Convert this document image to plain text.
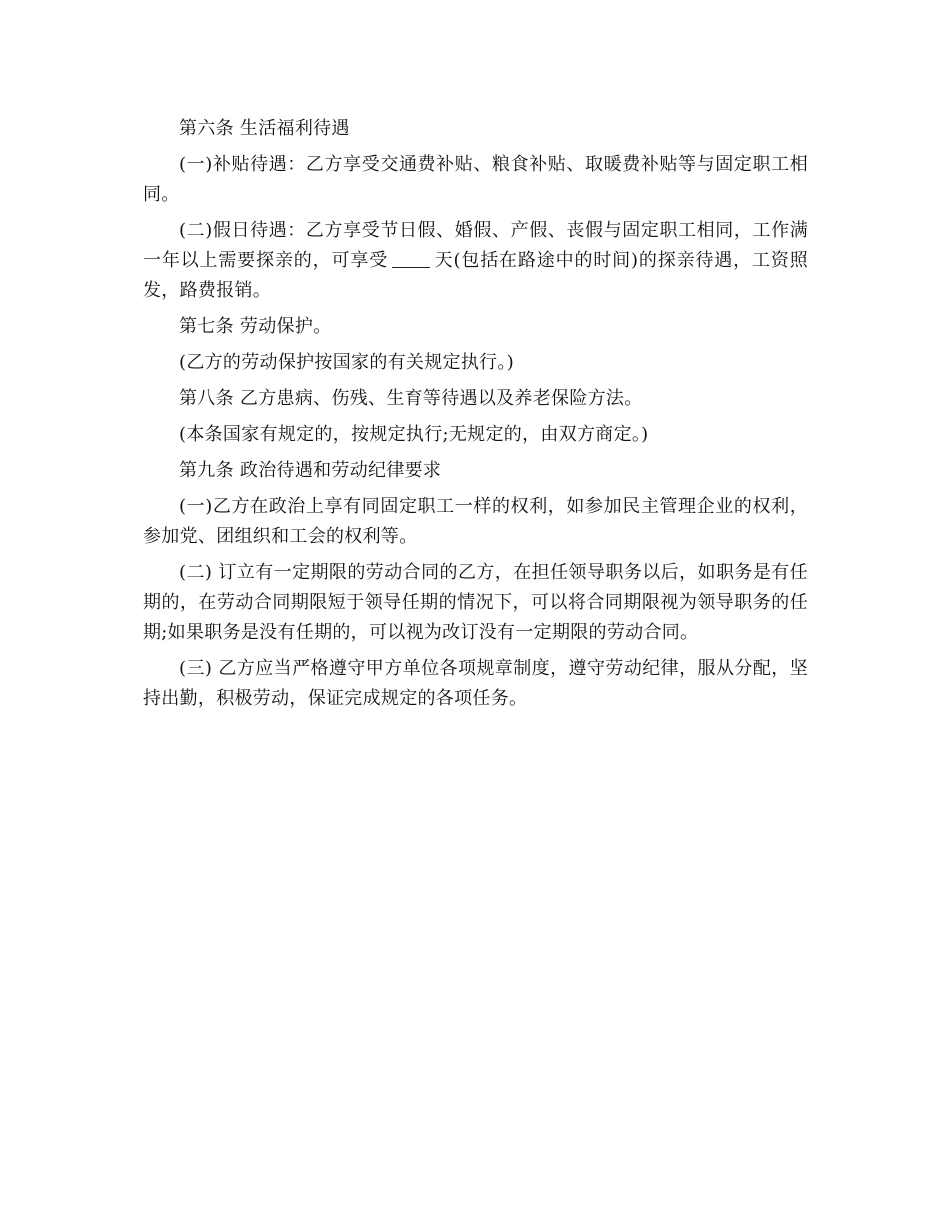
第六条 生活福利待遇

(一)补贴待遇：乙方享受交通费补贴、粮食补贴、取暖费补贴等与固定职工相同。

(二)假日待遇：乙方享受节日假、婚假、产假、丧假与固定职工相同，工作满一年以上需要探亲的，可享受	天(包括在路途中的时间)的探亲待遇，工资照发，路费报销。

第七条 劳动保护。

(乙方的劳动保护按国家的有关规定执行。)

第八条 乙方患病、伤残、生育等待遇以及养老保险方法。

(本条国家有规定的，按规定执行;无规定的，由双方商定。)

第九条 政治待遇和劳动纪律要求

(一)乙方在政治上享有同固定职工一样的权利，如参加民主管理企业的权利，参加党、团组织和工会的权利等。

(二) 订立有一定期限的劳动合同的乙方，在担任领导职务以后，如职务是有任期的，在劳动合同期限短于领导任期的情况下，可以将合同期限视为领导职务的任期;如果职务是没有任期的，可以视为改订没有一定期限的劳动合同。

(三) 乙方应当严格遵守甲方单位各项规章制度，遵守劳动纪律，服从分配，坚持出勤，积极劳动，保证完成规定的各项任务。
